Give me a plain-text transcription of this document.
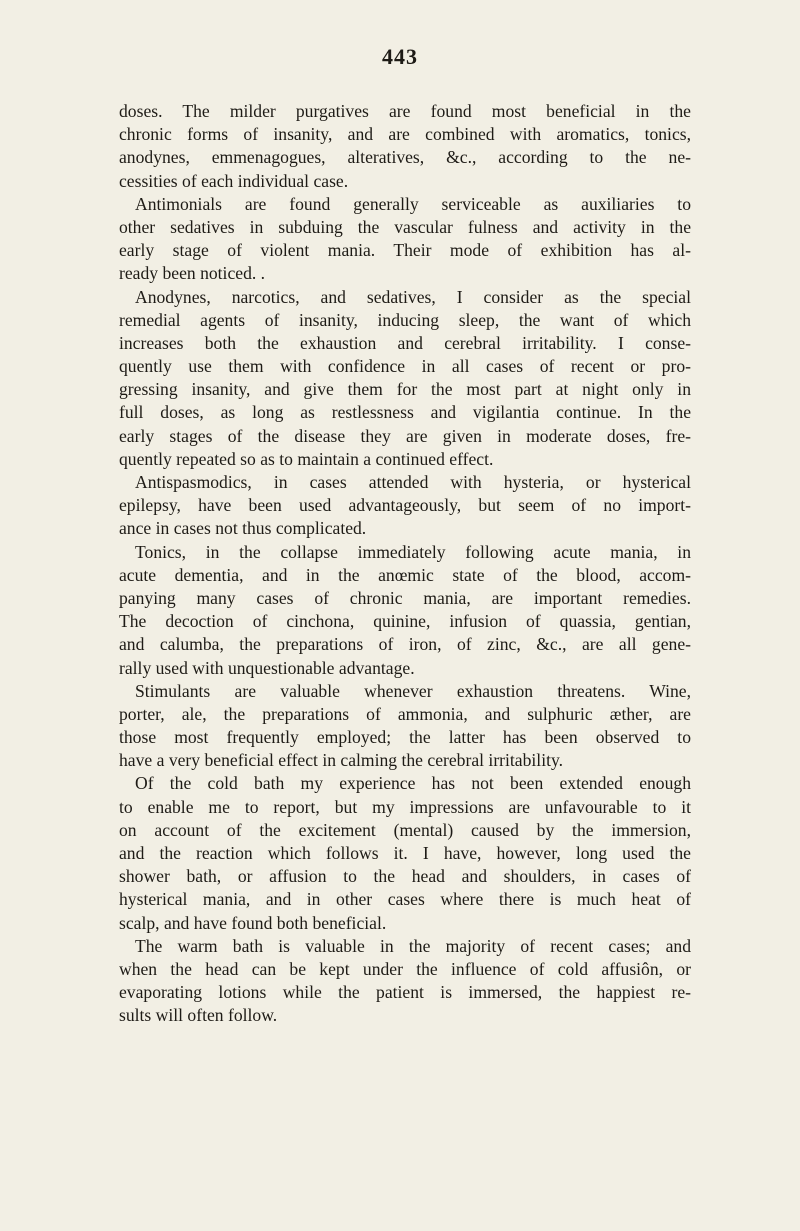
443
doses. The milder purgatives are found most beneficial in the
chronic forms of insanity, and are combined with aromatics, tonics,
anodynes, emmenagogues, alteratives, &c., according to the ne-
cessities of each individual case.
Antimonials are found generally serviceable as auxiliaries to
other sedatives in subduing the vascular fulness and activity in the
early stage of violent mania. Their mode of exhibition has al-
ready been noticed. .
Anodynes, narcotics, and sedatives, I consider as the special
remedial agents of insanity, inducing sleep, the want of which
increases both the exhaustion and cerebral irritability. I conse-
quently use them with confidence in all cases of recent or pro-
gressing insanity, and give them for the most part at night only in
full doses, as long as restlessness and vigilantia continue. In the
early stages of the disease they are given in moderate doses, fre-
quently repeated so as to maintain a continued effect.
Antispasmodics, in cases attended with hysteria, or hysterical
epilepsy, have been used advantageously, but seem of no import-
ance in cases not thus complicated.
Tonics, in the collapse immediately following acute mania, in
acute dementia, and in the anœmic state of the blood, accom-
panying many cases of chronic mania, are important remedies.
The decoction of cinchona, quinine, infusion of quassia, gentian,
and calumba, the preparations of iron, of zinc, &c., are all gene-
rally used with unquestionable advantage.
Stimulants are valuable whenever exhaustion threatens. Wine,
porter, ale, the preparations of ammonia, and sulphuric æther, are
those most frequently employed; the latter has been observed to
have a very beneficial effect in calming the cerebral irritability.
Of the cold bath my experience has not been extended enough
to enable me to report, but my impressions are unfavourable to it
on account of the excitement (mental) caused by the immersion,
and the reaction which follows it. I have, however, long used the
shower bath, or affusion to the head and shoulders, in cases of
hysterical mania, and in other cases where there is much heat of
scalp, and have found both beneficial.
The warm bath is valuable in the majority of recent cases; and
when the head can be kept under the influence of cold affusiôn, or
evaporating lotions while the patient is immersed, the happiest re-
sults will often follow.
